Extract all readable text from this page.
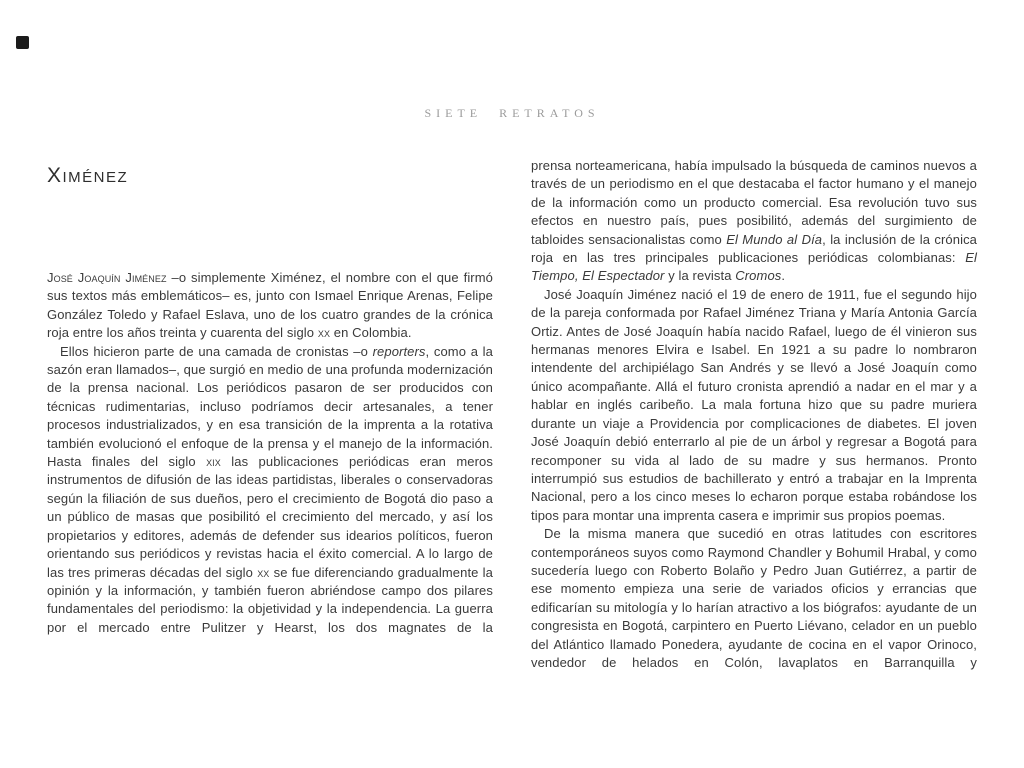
SIETE RETRATOS
Ximénez

José Joaquín Jiménez –o simplemente Ximénez, el nombre con el que firmó sus textos más emblemáticos– es, junto con Ismael Enrique Arenas, Felipe González Toledo y Rafael Eslava, uno de los cuatro grandes de la crónica roja entre los años treinta y cuarenta del siglo xx en Colombia.

Ellos hicieron parte de una camada de cronistas –o reporters, como a la sazón eran llamados–, que surgió en medio de una profunda modernización de la prensa nacional. Los periódicos pasaron de ser producidos con técnicas rudimentarias, incluso podríamos decir artesanales, a tener procesos industrializados, y en esa transición de la imprenta a la rotativa también evolucionó el enfoque de la prensa y el manejo de la información. Hasta finales del siglo xix las publicaciones periódicas eran meros instrumentos de difusión de las ideas partidistas, liberales o conservadoras según la filiación de sus dueños, pero el crecimiento de Bogotá dio paso a un público de masas que posibilitó el crecimiento del mercado, y así los propietarios y editores, además de defender sus idearios políticos, fueron orientando sus periódicos y revistas hacia el éxito comercial. A lo largo de las tres primeras décadas del siglo xx se fue diferenciando gradualmente la opinión y la información, y también fueron abriéndose campo dos pilares fundamentales del periodismo: la objetividad y la independencia. La guerra por el mercado entre Pulitzer y Hearst, los dos magnates de la

prensa norteamericana, había impulsado la búsqueda de caminos nuevos a través de un periodismo en el que destacaba el factor humano y el manejo de la información como un producto comercial. Esa revolución tuvo sus efectos en nuestro país, pues posibilitó, además del surgimiento de tabloides sensacionalistas como El Mundo al Día, la inclusión de la crónica roja en las tres principales publicaciones periódicas colombianas: El Tiempo, El Espectador y la revista Cromos.

José Joaquín Jiménez nació el 19 de enero de 1911, fue el segundo hijo de la pareja conformada por Rafael Jiménez Triana y María Antonia García Ortiz. Antes de José Joaquín había nacido Rafael, luego de él vinieron sus hermanas menores Elvira e Isabel. En 1921 a su padre lo nombraron intendente del archipiélago San Andrés y se llevó a José Joaquín como único acompañante. Allá el futuro cronista aprendió a nadar en el mar y a hablar en inglés caribeño. La mala fortuna hizo que su padre muriera durante un viaje a Providencia por complicaciones de diabetes. El joven José Joaquín debió enterrarlo al pie de un árbol y regresar a Bogotá para recomponer su vida al lado de su madre y sus hermanos. Pronto interrumpió sus estudios de bachillerato y entró a trabajar en la Imprenta Nacional, pero a los cinco meses lo echaron porque estaba robándose los tipos para montar una imprenta casera e imprimir sus propios poemas.

De la misma manera que sucedió en otras latitudes con escritores contemporáneos suyos como Raymond Chandler y Bohumil Hrabal, y como sucedería luego con Roberto Bolaño y Pedro Juan Gutiérrez, a partir de ese momento empieza una serie de variados oficios y errancias que edificarían su mitología y lo harían atractivo a los biógrafos: ayudante de un congresista en Bogotá, carpintero en Puerto Liévano, celador en un pueblo del Atlántico llamado Ponedera, ayudante de cocina en el vapor Orinoco, vendedor de helados en Colón, lavaplatos en Barranquilla y
